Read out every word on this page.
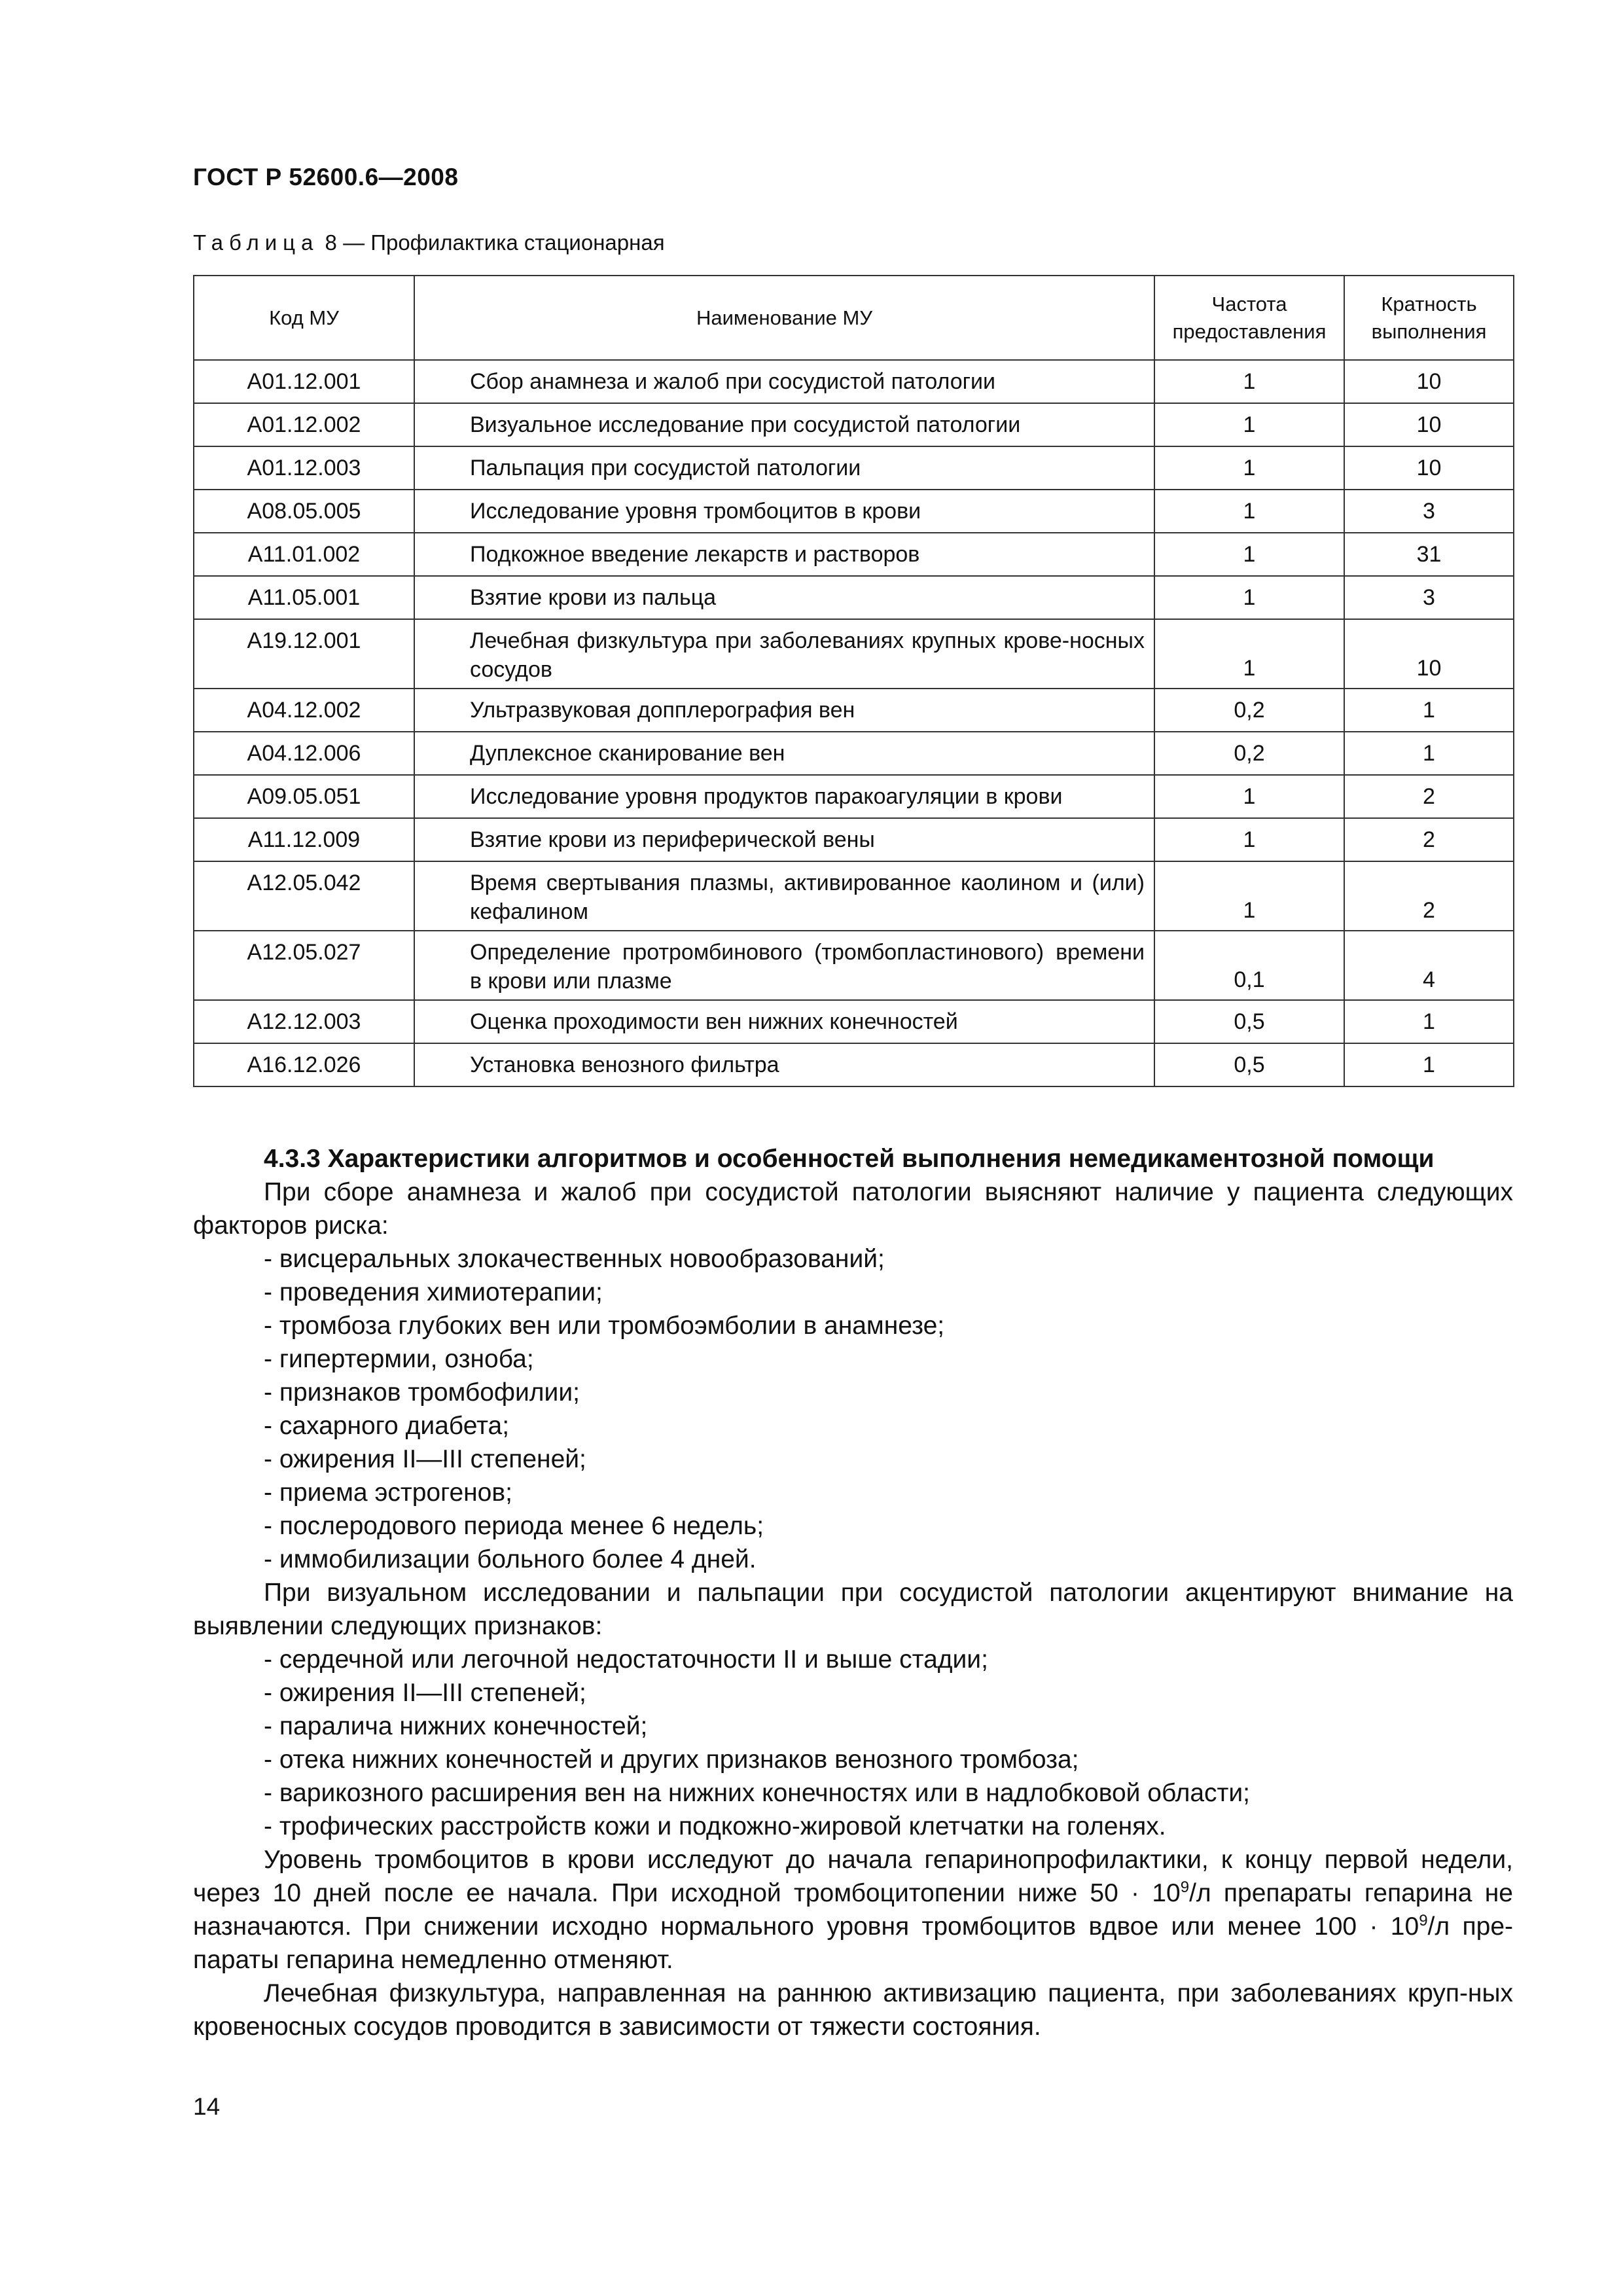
ГОСТ Р 52600.6—2008
Таблица 8 — Профилактика стационарная
Код МУ	Наименование МУ	Частота предоставления	Кратность выполнения
A01.12.001	Сбор анамнеза и жалоб при сосудистой патологии	1	10
A01.12.002	Визуальное исследование при сосудистой патологии	1	10
A01.12.003	Пальпация при сосудистой патологии	1	10
A08.05.005	Исследование уровня тромбоцитов в крови	1	3
A11.01.002	Подкожное введение лекарств и растворов	1	31
A11.05.001	Взятие крови из пальца	1	3
A19.12.001	Лечебная физкультура при заболеваниях крупных крове-носных сосудов	1	10
A04.12.002	Ультразвуковая допплерография вен	0,2	1
A04.12.006	Дуплексное сканирование вен	0,2	1
A09.05.051	Исследование уровня продуктов паракоагуляции в крови	1	2
A11.12.009	Взятие крови из периферической вены	1	2
A12.05.042	Время свертывания плазмы, активированное каолином и (или) кефалином	1	2
A12.05.027	Определение протромбинового (тромбопластинового) времени в крови или плазме	0,1	4
A12.12.003	Оценка проходимости вен нижних конечностей	0,5	1
A16.12.026	Установка венозного фильтра	0,5	1

4.3.3 Характеристики алгоритмов и особенностей выполнения немедикаментозной помощи

При сборе анамнеза и жалоб при сосудистой патологии выясняют наличие у пациента следующих факторов риска:

- висцеральных злокачественных новообразований;

- проведения химиотерапии;

- тромбоза глубоких вен или тромбоэмболии в анамнезе;

- гипертермии, озноба;

- признаков тромбофилии;

- сахарного диабета;

- ожирения II—III степеней;

- приема эстрогенов;

- послеродового периода менее 6 недель;

- иммобилизации больного более 4 дней.

При визуальном исследовании и пальпации при сосудистой патологии акцентируют внимание на выявлении следующих признаков:

- сердечной или легочной недостаточности II и выше стадии;

- ожирения II—III степеней;

- паралича нижних конечностей;

- отека нижних конечностей и других признаков венозного тромбоза;

- варикозного расширения вен на нижних конечностях или в надлобковой области;

- трофических расстройств кожи и подкожно-жировой клетчатки на голенях.

Уровень тромбоцитов в крови исследуют до начала гепаринопрофилактики, к концу первой недели, через 10 дней после ее начала. При исходной тромбоцитопении ниже $50 \cdot 10^9/л$ препараты гепарина не назначаются. При снижении исходно нормального уровня тромбоцитов вдвое или менее $100 \cdot 10^9/л$ пре-параты гепарина немедленно отменяют.

Лечебная физкультура, направленная на раннюю активизацию пациента, при заболеваниях круп-ных кровеносных сосудов проводится в зависимости от тяжести состояния.

14
